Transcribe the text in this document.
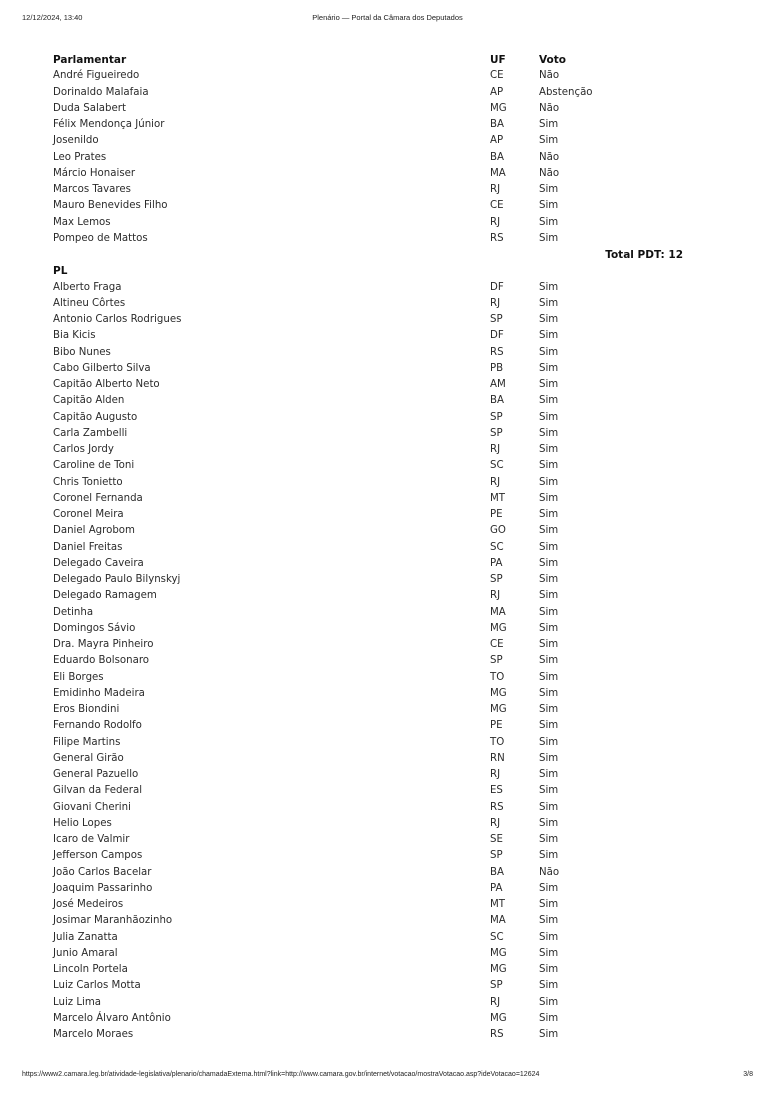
12/12/2024, 13:40	Plenário — Portal da Câmara dos Deputados
Parlamentar	UF	Voto
André Figueiredo	CE	Não
Dorinaldo Malafaia	AP	Abstenção
Duda Salabert	MG	Não
Félix Mendonça Júnior	BA	Sim
Josenildo	AP	Sim
Leo Prates	BA	Não
Márcio Honaiser	MA	Não
Marcos Tavares	RJ	Sim
Mauro Benevides Filho	CE	Sim
Max Lemos	RJ	Sim
Pompeo de Mattos	RS	Sim
Total PDT: 12
PL
Alberto Fraga	DF	Sim
Altineu Côrtes	RJ	Sim
Antonio Carlos Rodrigues	SP	Sim
Bia Kicis	DF	Sim
Bibo Nunes	RS	Sim
Cabo Gilberto Silva	PB	Sim
Capitão Alberto Neto	AM	Sim
Capitão Alden	BA	Sim
Capitão Augusto	SP	Sim
Carla Zambelli	SP	Sim
Carlos Jordy	RJ	Sim
Caroline de Toni	SC	Sim
Chris Tonietto	RJ	Sim
Coronel Fernanda	MT	Sim
Coronel Meira	PE	Sim
Daniel Agrobom	GO	Sim
Daniel Freitas	SC	Sim
Delegado Caveira	PA	Sim
Delegado Paulo Bilynskyj	SP	Sim
Delegado Ramagem	RJ	Sim
Detinha	MA	Sim
Domingos Sávio	MG	Sim
Dra. Mayra Pinheiro	CE	Sim
Eduardo Bolsonaro	SP	Sim
Eli Borges	TO	Sim
Emidinho Madeira	MG	Sim
Eros Biondini	MG	Sim
Fernando Rodolfo	PE	Sim
Filipe Martins	TO	Sim
General Girão	RN	Sim
General Pazuello	RJ	Sim
Gilvan da Federal	ES	Sim
Giovani Cherini	RS	Sim
Helio Lopes	RJ	Sim
Icaro de Valmir	SE	Sim
Jefferson Campos	SP	Sim
João Carlos Bacelar	BA	Não
Joaquim Passarinho	PA	Sim
José Medeiros	MT	Sim
Josimar Maranhãozinho	MA	Sim
Julia Zanatta	SC	Sim
Junio Amaral	MG	Sim
Lincoln Portela	MG	Sim
Luiz Carlos Motta	SP	Sim
Luiz Lima	RJ	Sim
Marcelo Álvaro Antônio	MG	Sim
Marcelo Moraes	RS	Sim
https://www2.camara.leg.br/atividade-legislativa/plenario/chamadaExterna.html?link=http://www.camara.gov.br/internet/votacao/mostraVotacao.asp?ideVotacao=12624	3/8
